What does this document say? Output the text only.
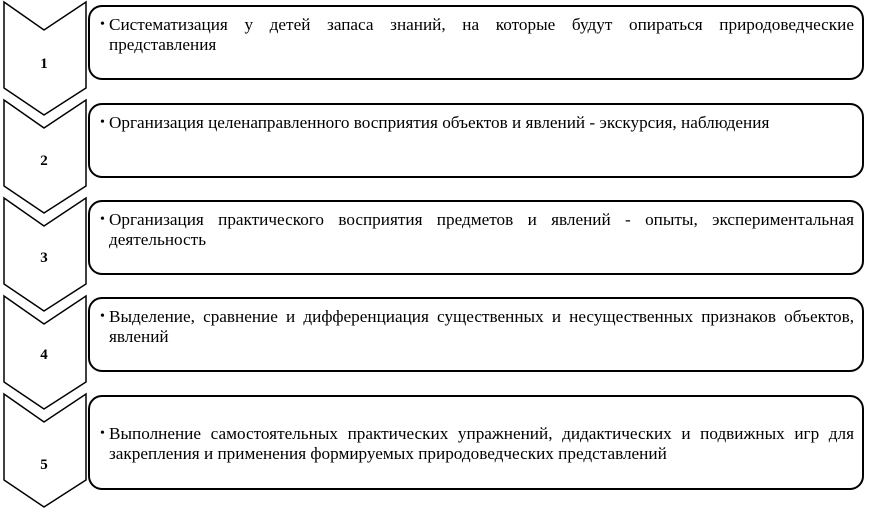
1
2
3
4
5

• Систематизация у детей запаса знаний, на которые будут опираться природоведческие представления

• Организация целенаправленного восприятия объектов и явлений - экскурсия, наблюдения

• Организация практического восприятия предметов и явлений - опыты, экспериментальная деятельность

• Выделение, сравнение и дифференциация существенных и несущественных признаков объектов, явлений

• Выполнение самостоятельных практических упражнений, дидактических и подвижных игр для закрепления и применения формируемых природоведческих представлений
